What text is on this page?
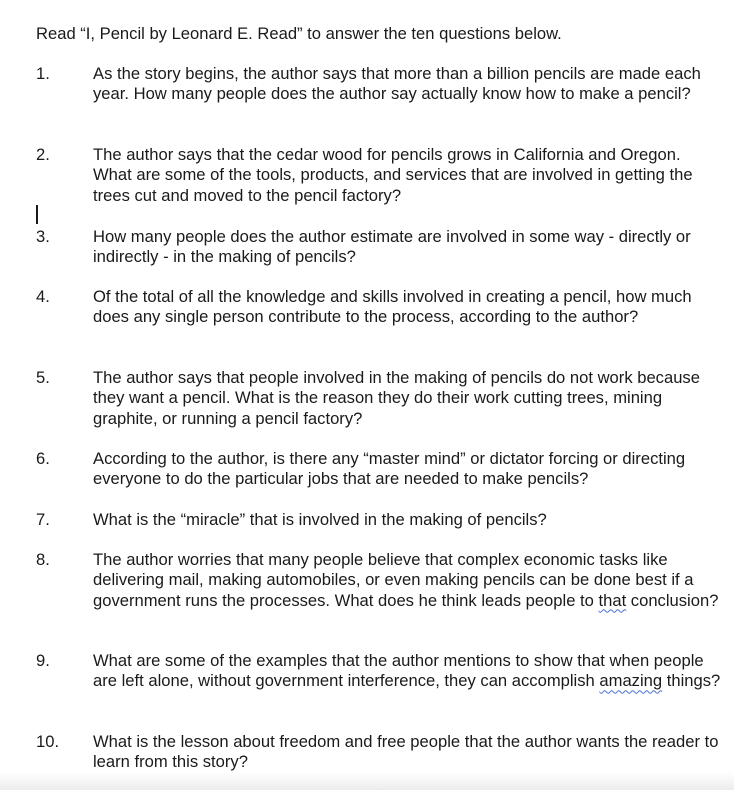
Read “I, Pencil by Leonard E. Read” to answer the ten questions below.
1.	As the story begins, the author says that more than a billion pencils are made each year. How many people does the author say actually know how to make a pencil?
2.	The author says that the cedar wood for pencils grows in California and Oregon. What are some of the tools, products, and services that are involved in getting the trees cut and moved to the pencil factory?
3.	How many people does the author estimate are involved in some way - directly or indirectly - in the making of pencils?
4.	Of the total of all the knowledge and skills involved in creating a pencil, how much does any single person contribute to the process, according to the author?
5.	The author says that people involved in the making of pencils do not work because they want a pencil. What is the reason they do their work cutting trees, mining graphite, or running a pencil factory?
6.	According to the author, is there any “master mind” or dictator forcing or directing everyone to do the particular jobs that are needed to make pencils?
7.	What is the “miracle” that is involved in the making of pencils?
8.	The author worries that many people believe that complex economic tasks like delivering mail, making automobiles, or even making pencils can be done best if a government runs the processes. What does he think leads people to that conclusion?
9.	What are some of the examples that the author mentions to show that when people are left alone, without government interference, they can accomplish amazing things?
10. What is the lesson about freedom and free people that the author wants the reader to learn from this story?
